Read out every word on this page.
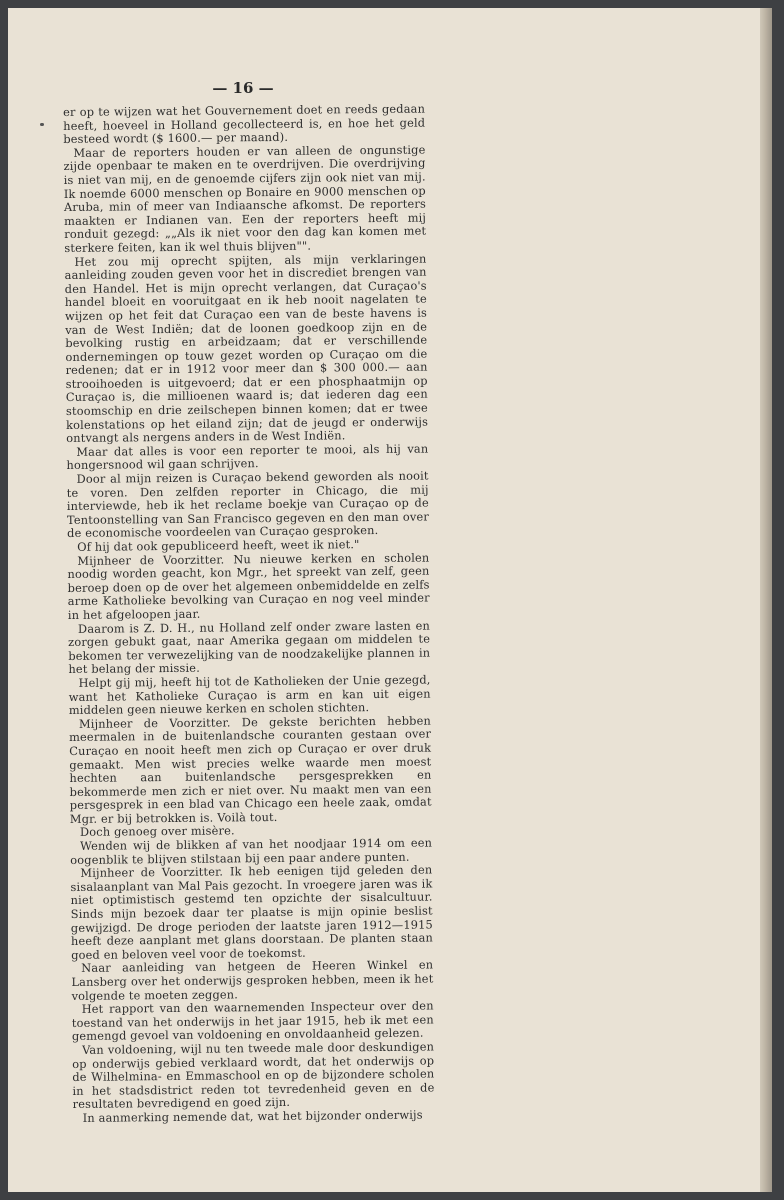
— 16 —

er op te wijzen wat het Gouvernement doet en reeds gedaan heeft, hoeveel in Holland gecollecteerd is, en hoe het geld besteed wordt ($ 1600.— per maand).

Maar de reporters houden er van alleen de ongunstige zijde openbaar te maken en te overdrijven. Die overdrijving is niet van mij, en de genoemde cijfers zijn ook niet van mij. Ik noemde 6000 menschen op Bonaire en 9000 menschen op Aruba, min of meer van Indiaansche afkomst. De reporters maakten er Indianen van. Een der reporters heeft mij ronduit gezegd: „„Als ik niet voor den dag kan komen met sterkere feiten, kan ik wel thuis blijven"".

Het zou mij oprecht spijten, als mijn verklaringen aanleiding zouden geven voor het in discrediet brengen van den Handel. Het is mijn oprecht verlangen, dat Curaçao's handel bloeit en vooruitgaat en ik heb nooit nagelaten te wijzen op het feit dat Curaçao een van de beste havens is van de West Indiën; dat de loonen goedkoop zijn en de bevolking rustig en arbeidzaam; dat er verschillende ondernemingen op touw gezet worden op Curaçao om die redenen; dat er in 1912 voor meer dan $ 300 000.— aan strooihoeden is uitgevoerd; dat er een phosphaatmijn op Curaçao is, die millioenen waard is; dat iederen dag een stoomschip en drie zeilschepen binnen komen; dat er twee kolenstations op het eiland zijn; dat de jeugd er onderwijs ontvangt als nergens anders in de West Indiën.

Maar dat alles is voor een reporter te mooi, als hij van hongersnood wil gaan schrijven.

Door al mijn reizen is Curaçao bekend geworden als nooit te voren. Den zelfden reporter in Chicago, die mij interviewde, heb ik het reclame boekje van Curaçao op de Tentoonstelling van San Francisco gegeven en den man over de economische voordeelen van Curaçao gesproken.

Of hij dat ook gepubliceerd heeft, weet ik niet."

Mijnheer de Voorzitter. Nu nieuwe kerken en scholen noodig worden geacht, kon Mgr., het spreekt van zelf, geen beroep doen op de over het algemeen onbemiddelde en zelfs arme Katholieke bevolking van Curaçao en nog veel minder in het afgeloopen jaar.

Daarom is Z. D. H., nu Holland zelf onder zware lasten en zorgen gebukt gaat, naar Amerika gegaan om middelen te bekomen ter verwezelijking van de noodzakelijke plannen in het belang der missie.

Helpt gij mij, heeft hij tot de Katholieken der Unie gezegd, want het Katholieke Curaçao is arm en kan uit eigen middelen geen nieuwe kerken en scholen stichten.

Mijnheer de Voorzitter. De gekste berichten hebben meermalen in de buitenlandsche couranten gestaan over Curaçao en nooit heeft men zich op Curaçao er over druk gemaakt. Men wist precies welke waarde men moest hechten aan buitenlandsche persgesprekken en bekommerde men zich er niet over. Nu maakt men van een persgesprek in een blad van Chicago een heele zaak, omdat Mgr. er bij betrokken is. Voilà tout.

Doch genoeg over misère.

Wenden wij de blikken af van het noodjaar 1914 om een oogenblik te blijven stilstaan bij een paar andere punten.

Mijnheer de Voorzitter. Ik heb eenigen tijd geleden den sisalaanplant van Mal Pais gezocht. In vroegere jaren was ik niet optimistisch gestemd ten opzichte der sisalcultuur. Sinds mijn bezoek daar ter plaatse is mijn opinie beslist gewijzigd. De droge perioden der laatste jaren 1912—1915 heeft deze aanplant met glans doorstaan. De planten staan goed en beloven veel voor de toekomst.

Naar aanleiding van hetgeen de Heeren Winkel en Lansberg over het onderwijs gesproken hebben, meen ik het volgende te moeten zeggen.

Het rapport van den waarnemenden Inspecteur over den toestand van het onderwijs in het jaar 1915, heb ik met een gemengd gevoel van voldoening en onvoldaanheid gelezen.

Van voldoening, wijl nu ten tweede male door deskundigen op onderwijs gebied verklaard wordt, dat het onderwijs op de Wilhelmina- en Emmaschool en op de bijzondere scholen in het stadsdistrict reden tot tevredenheid geven en de resultaten bevredigend en goed zijn.

In aanmerking nemende dat, wat het bijzonder onderwijs
